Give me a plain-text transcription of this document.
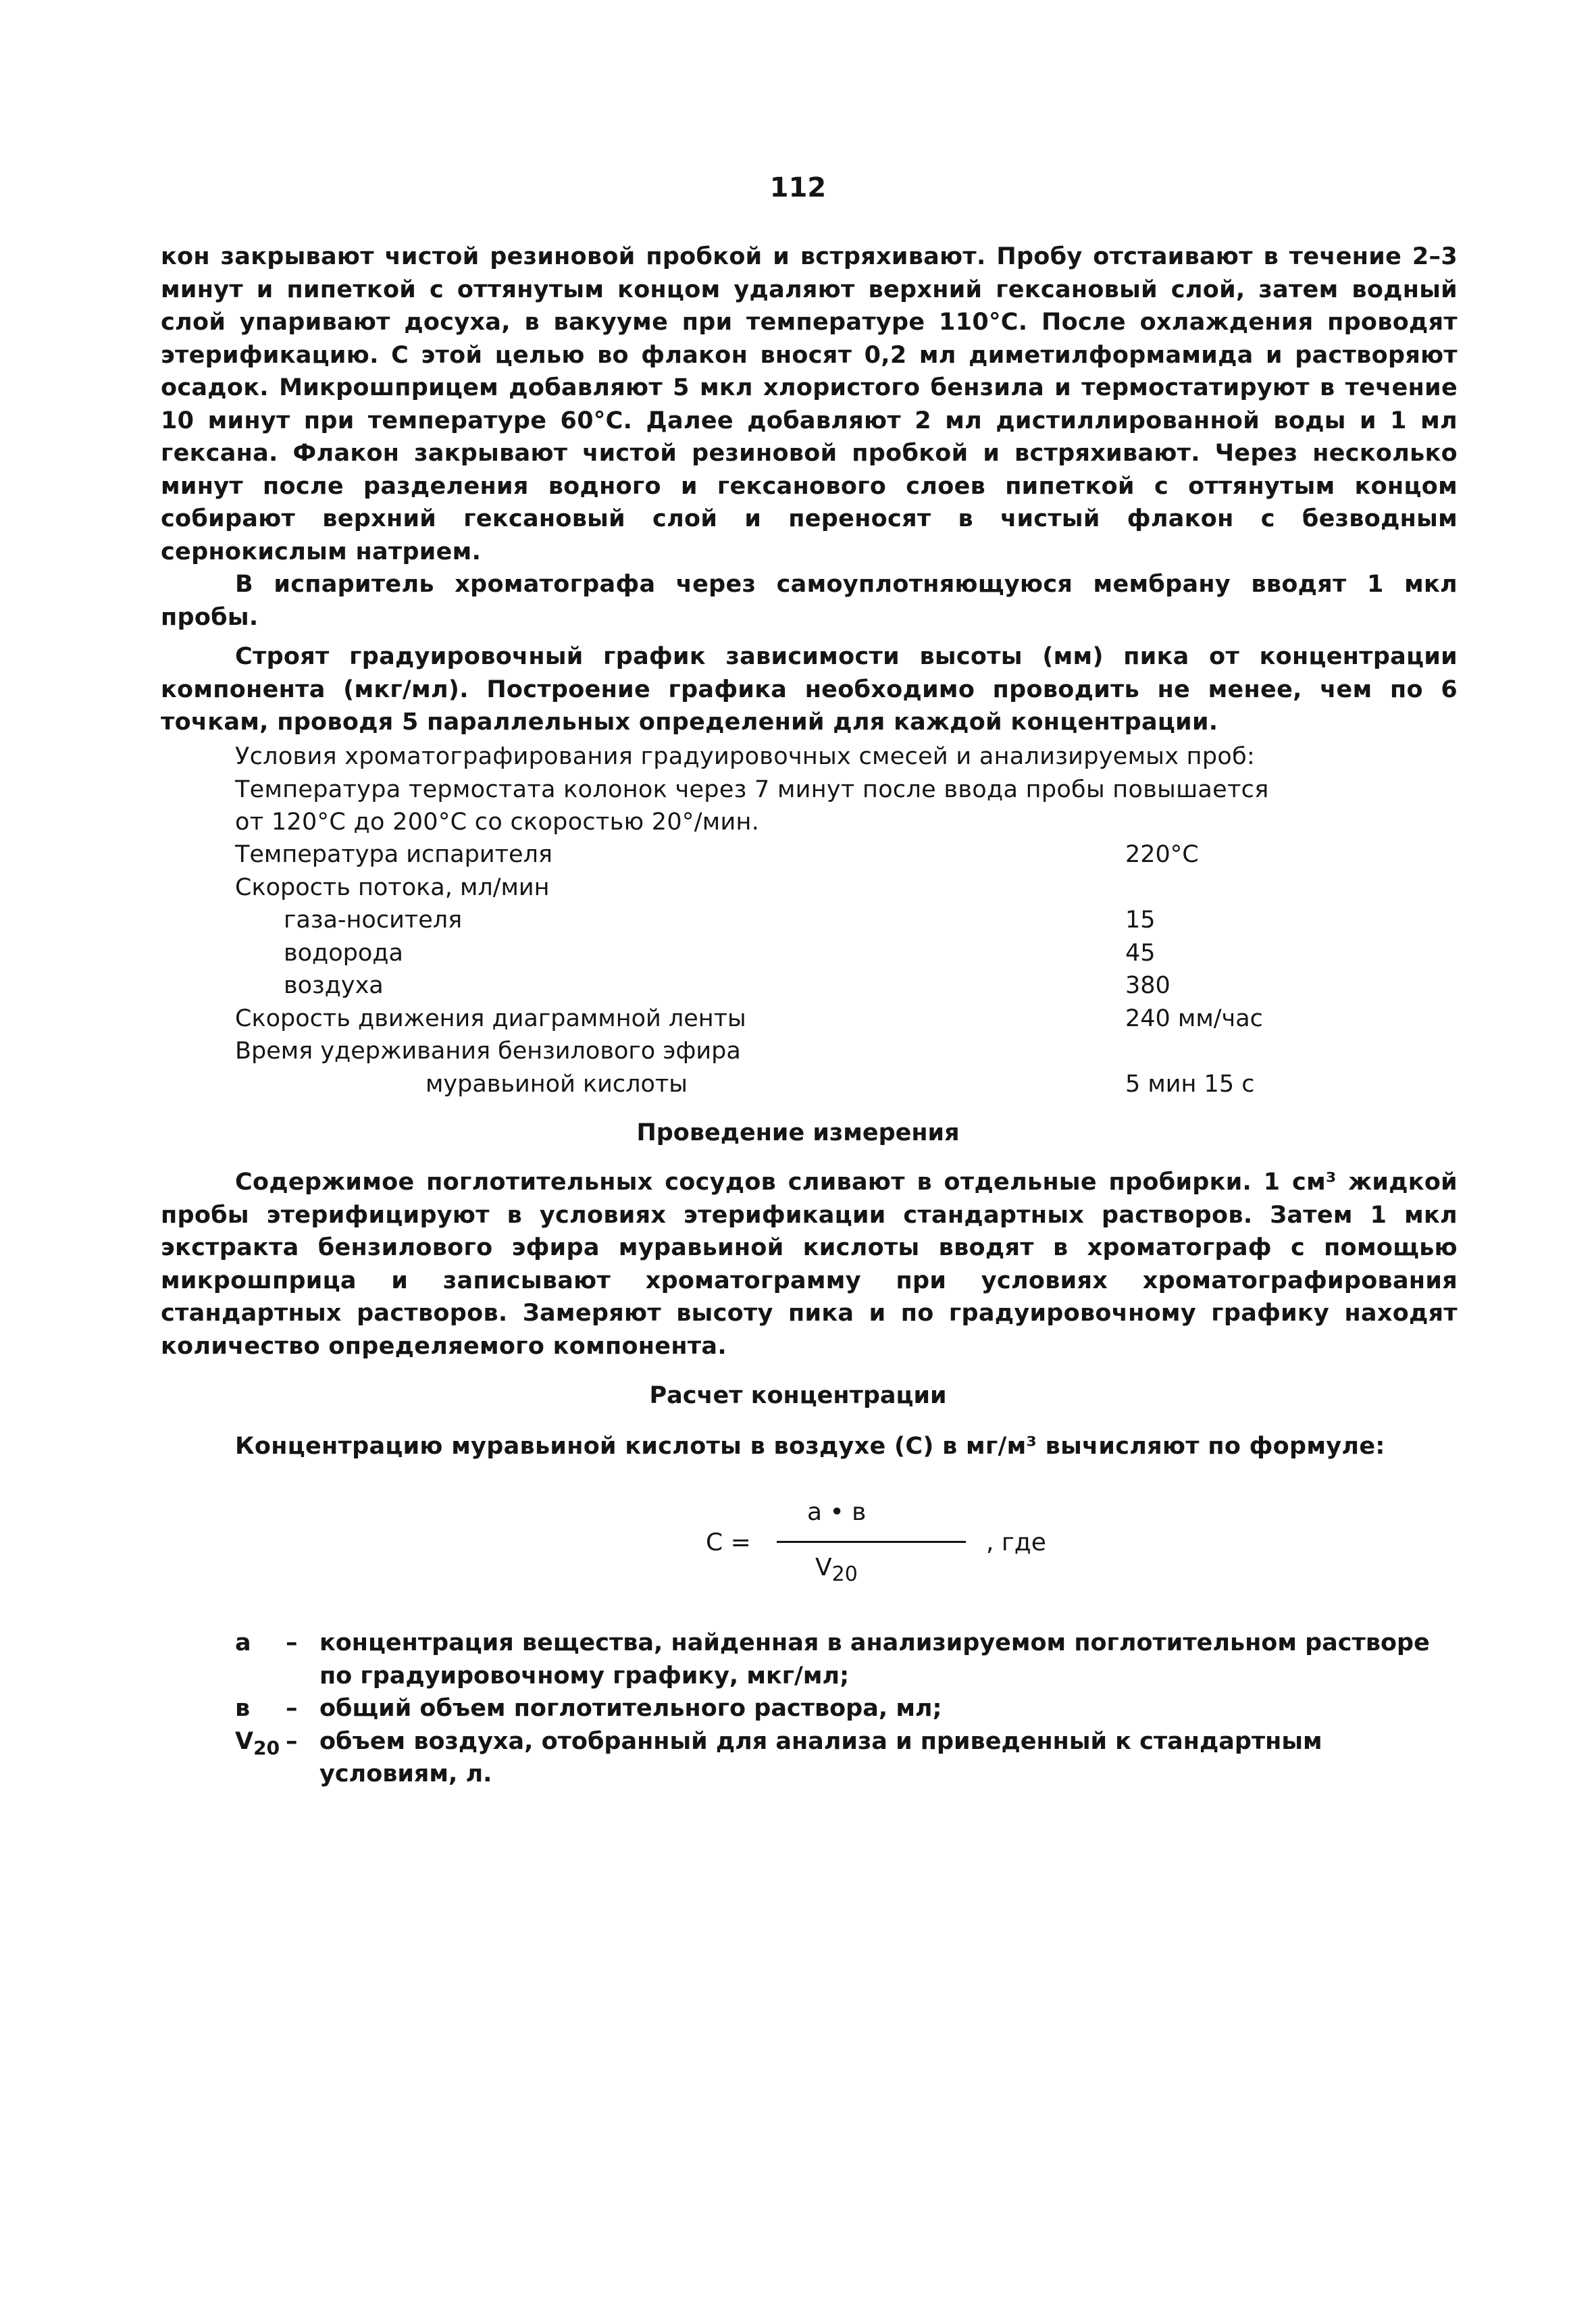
112

кон закрывают чистой резиновой пробкой и встряхивают. Пробу отстаивают в течение 2–3 минут и пипеткой с оттянутым концом удаляют верхний гексановый слой, затем водный слой упаривают досуха, в вакууме при температуре 110°С. После охлаждения проводят этерификацию. С этой целью во флакон вносят 0,2 мл диметилформамида и растворяют осадок. Микрошприцем добавляют 5 мкл хлористого бензила и термостатируют в течение 10 минут при температуре 60°С. Далее добавляют 2 мл дистиллированной воды и 1 мл гексана. Флакон закрывают чистой резиновой пробкой и встряхивают. Через несколько минут после разделения водного и гексанового слоев пипеткой с оттянутым концом собирают верхний гексановый слой и переносят в чистый флакон с безводным сернокислым натрием.

В испаритель хроматографа через самоуплотняющуюся мембрану вводят 1 мкл пробы.

Строят градуировочный график зависимости высоты (мм) пика от концентрации компонента (мкг/мл). Построение графика необходимо проводить не менее, чем по 6 точкам, проводя 5 параллельных определений для каждой концентрации.

Условия хроматографирования градуировочных смесей и анализируемых проб:

Температура термостата колонок через 7 минут после ввода пробы повышается

от 120°С до 200°С со скоростью 20°/мин.

Температура испарителя	220°С
Скорость потока, мл/мин
газа-носителя	15
водорода	45
воздуха	380
Скорость движения диаграммной ленты	240 мм/час
Время удерживания бензилового эфира
муравьиной кислоты	5 мин 15 с
Проведение измерения

Содержимое поглотительных сосудов сливают в отдельные пробирки. 1 см³ жидкой пробы этерифицируют в условиях этерификации стандартных растворов. Затем 1 мкл экстракта бензилового эфира муравьиной кислоты вводят в хроматограф с помощью микрошприца и записывают хроматограмму при условиях хроматографирования стандартных растворов. Замеряют высоту пика и по градуировочному графику находят количество определяемого компонента.

Расчет концентрации

Концентрацию муравьиной кислоты в воздухе (С) в мг/м³ вычисляют по формуле:

С =
а • в
$V_{20}$
, где
а – концентрация вещества, найденная в анализируемом поглотительном растворе по градуировочному графику, мкг/мл;
в – общий объем поглотительного раствора, мл;
$V_{20}$ – объем воздуха, отобранный для анализа и приведенный к стандартным условиям, л.
